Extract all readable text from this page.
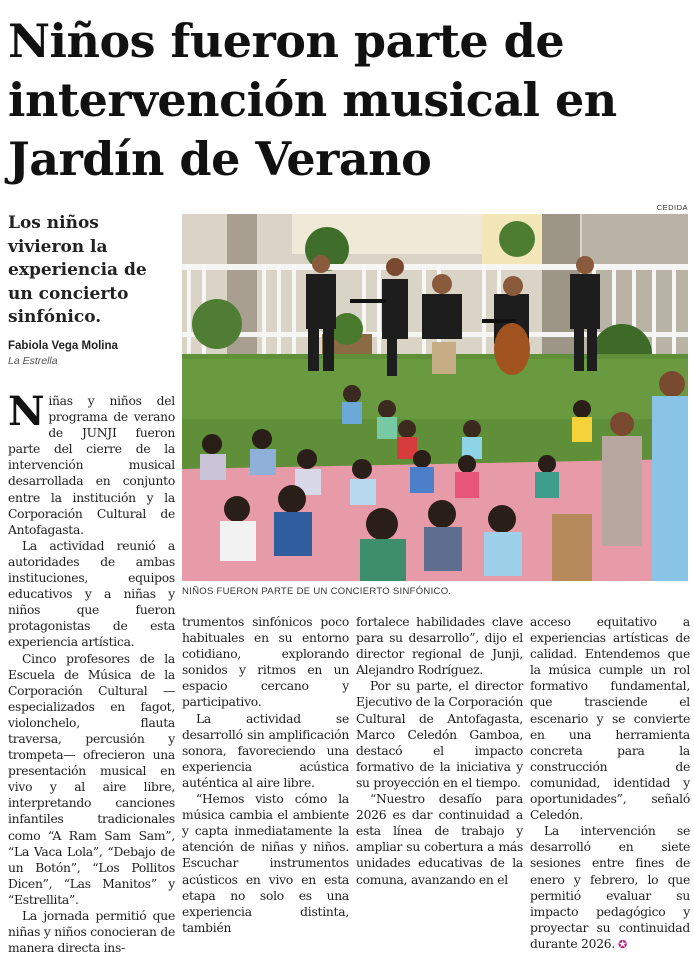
Niños fueron parte de intervención musical en Jardín de Verano
Los niños vivieron la experiencia de un concierto sinfónico.
Fabiola Vega Molina
La Estrella
CEDIDA
NIÑOS FUERON PARTE DE UN CONCIERTO SINFÓNICO.

Niñas y niños del programa de verano de JUNJI fueron parte del cierre de la intervención musical desarrollada en conjunto entre la institución y la Corporación Cultural de Antofagasta.

La actividad reunió a autoridades de ambas instituciones, equipos educativos y a niñas y niños que fueron protagonistas de esta experiencia artística.

Cinco profesores de la Escuela de Música de la Corporación Cultural —especializados en fagot, violonchelo, flauta traversa, percusión y trompeta— ofrecieron una presentación musical en vivo y al aire libre, interpretando canciones infantiles tradicionales como “A Ram Sam Sam”, “La Vaca Lola”, “Debajo de un Botón”, “Los Pollitos Dicen”, “Las Manitos” y “Estrellita”.

La jornada permitió que niñas y niños conocieran de manera directa ins-

trumentos sinfónicos poco habituales en su entorno cotidiano, explorando sonidos y ritmos en un espacio cercano y participativo.

La actividad se desarrolló sin amplificación sonora, favoreciendo una experiencia acústica auténtica al aire libre.

“Hemos visto cómo la música cambia el ambiente y capta inmediatamente la atención de niñas y niños. Escuchar instrumentos acústicos en vivo en esta etapa no solo es una experiencia distinta, también

fortalece habilidades clave para su desarrollo”, dijo el director regional de Junji, Alejandro Rodríguez.

Por su parte, el director Ejecutivo de la Corporación Cultural de Antofagasta, Marco Celedón Gamboa, destacó el impacto formativo de la iniciativa y su proyección en el tiempo.

“Nuestro desafío para 2026 es dar continuidad a esta línea de trabajo y ampliar su cobertura a más unidades educativas de la comuna, avanzando en el

acceso equitativo a experiencias artísticas de calidad. Entendemos que la música cumple un rol formativo fundamental, que trasciende el escenario y se convierte en una herramienta concreta para la construcción de comunidad, identidad y oportunidades”, señaló Celedón.

La intervención se desarrolló en siete sesiones entre fines de enero y febrero, lo que permitió evaluar su impacto pedagógico y proyectar su continuidad durante 2026. ✪
